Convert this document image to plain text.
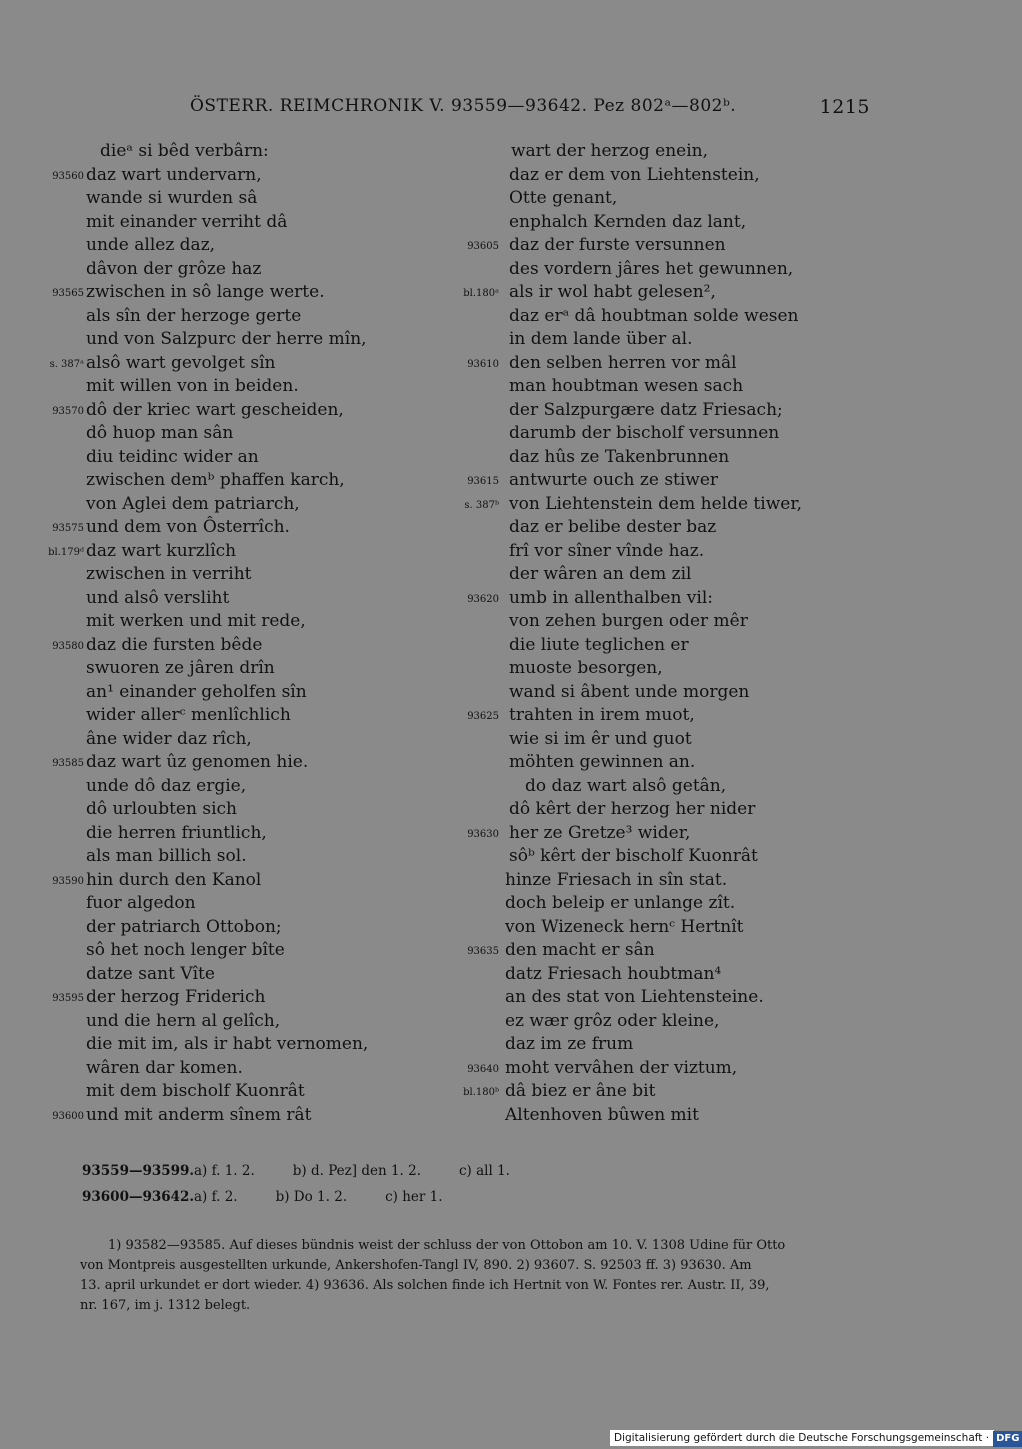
ÖSTERR. REIMCHRONIK V. 93559—93642. Pez 802ᵃ—802ᵇ.	1215
dieᵃ si bêd verbârn:
93560 daz wart undervarn,
wande si wurden sâ
mit einander verriht dâ
unde allez daz,
dâvon der grôze haz
93565 zwischen in sô lange werte.
als sîn der herzoge gerte
und von Salzpurc der herre mîn,
s. 387ᵃ alsô wart gevolget sîn
mit willen von in beiden.
93570 dô der kriec wart gescheiden,
dô huop man sân
diu teidinc wider an
zwischen demᵇ phaffen karch,
von Aglei dem patriarch,
93575 und dem von Ôsterrîch.
bl.179ᵈ daz wart kurzlîch
zwischen in verriht
und alsô versliht
mit werken und mit rede,
93580 daz die fursten bêde
swuoren ze jâren drîn
an¹ einander geholfen sîn
wider allerᶜ menlîchlich
âne wider daz rîch,
93585 daz wart ûz genomen hie.
unde dô daz ergie,
dô urloubten sich
die herren friuntlich,
als man billich sol.
93590 hin durch den Kanol
fuor algedon
der patriarch Ottobon;
sô het noch lenger bîte
datze sant Vîte
93595 der herzog Friderich
und die hern al gelîch,
die mit im, als ir habt vernomen,
wâren dar komen.
mit dem bischolf Kuonrât
93600 und mit anderm sînem rât
wart der herzog enein,
daz er dem von Liehtenstein,
Otte genant,
enphalch Kernden daz lant,
93605 daz der furste versunnen
des vordern jâres het gewunnen,
bl.180ᵃ als ir wol habt gelesen²,
daz erᵃ dâ houbtman solde wesen
in dem lande über al.
93610 den selben herren vor mâl
man houbtman wesen sach
der Salzpurgære datz Friesach;
darumb der bischolf versunnen
daz hûs ze Takenbrunnen
93615 antwurte ouch ze stiwer
s. 387ᵇ von Liehtenstein dem helde tiwer,
daz er belibe dester baz
frî vor sîner vînde haz.
der wâren an dem zil
93620 umb in allenthalben vil:
von zehen burgen oder mêr
die liute teglichen er
muoste besorgen,
wand si âbent unde morgen
93625 trahten in irem muot,
wie si im êr und guot
möhten gewinnen an.
do daz wart alsô getân,
dô kêrt der herzog her nider
93630 her ze Gretze³ wider,
sôᵇ kêrt der bischolf Kuonrât
hinze Friesach in sîn stat.
doch beleip er unlange zît.
von Wizeneck hernᶜ Hertnît
93635 den macht er sân
datz Friesach houbtman⁴
an des stat von Liehtensteine.
ez wær grôz oder kleine,
daz im ze frum
93640 moht vervâhen der viztum,
bl.180ᵇ dâ biez er âne bit
Altenhoven bûwen mit
93559—93599.a) f. 1. 2.	b) d. Pez] den 1. 2.	c) all 1.
93600—93642.a) f. 2.	b) Do 1. 2.	c) her 1.

1) 93582—93585. Auf dieses bündnis weist der schluss der von Ottobon am 10. V. 1308 Udine für Otto

von Montpreis ausgestellten urkunde, Ankershofen-Tangl IV, 890. 2) 93607. S. 92503 ff. 3) 93630. Am

13. april urkundet er dort wieder. 4) 93636. Als solchen finde ich Hertnit von W. Fontes rer. Austr. II, 39,

nr. 167, im j. 1312 belegt.

Digitalisierung gefördert durch die Deutsche Forschungsgemeinschaft · DFG
